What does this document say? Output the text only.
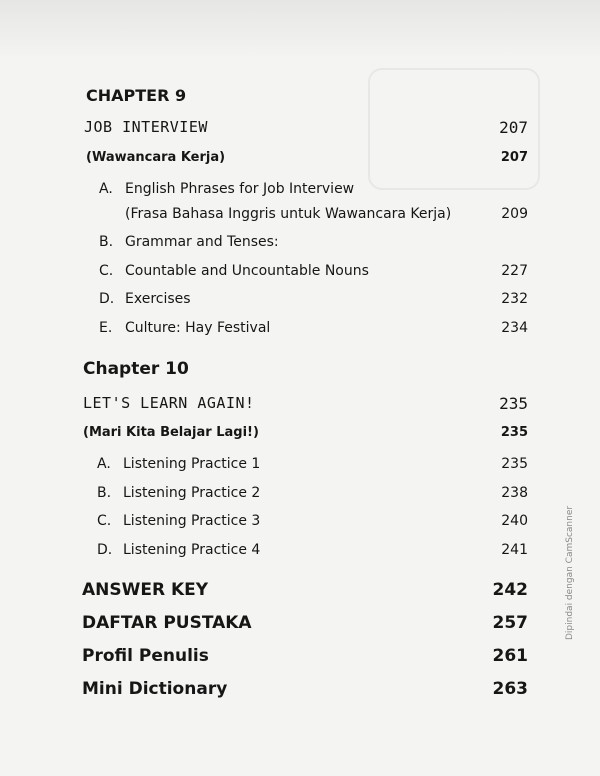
CHAPTER 9
JOB INTERVIEW	207
(Wawancara Kerja)	207
A. English Phrases for Job Interview
(Frasa Bahasa Inggris untuk Wawancara Kerja)	209
B. Grammar and Tenses:
C. Countable and Uncountable Nouns	227
D. Exercises	232
E. Culture: Hay Festival	234
Chapter 10
LET'S LEARN AGAIN!	235
(Mari Kita Belajar Lagi!)	235
A. Listening Practice 1	235
B. Listening Practice 2	238
C. Listening Practice 3	240
D. Listening Practice 4	241
ANSWER KEY	242
DAFTAR PUSTAKA	257
Profil Penulis	261
Mini Dictionary	263
Dipindai dengan CamScanner
